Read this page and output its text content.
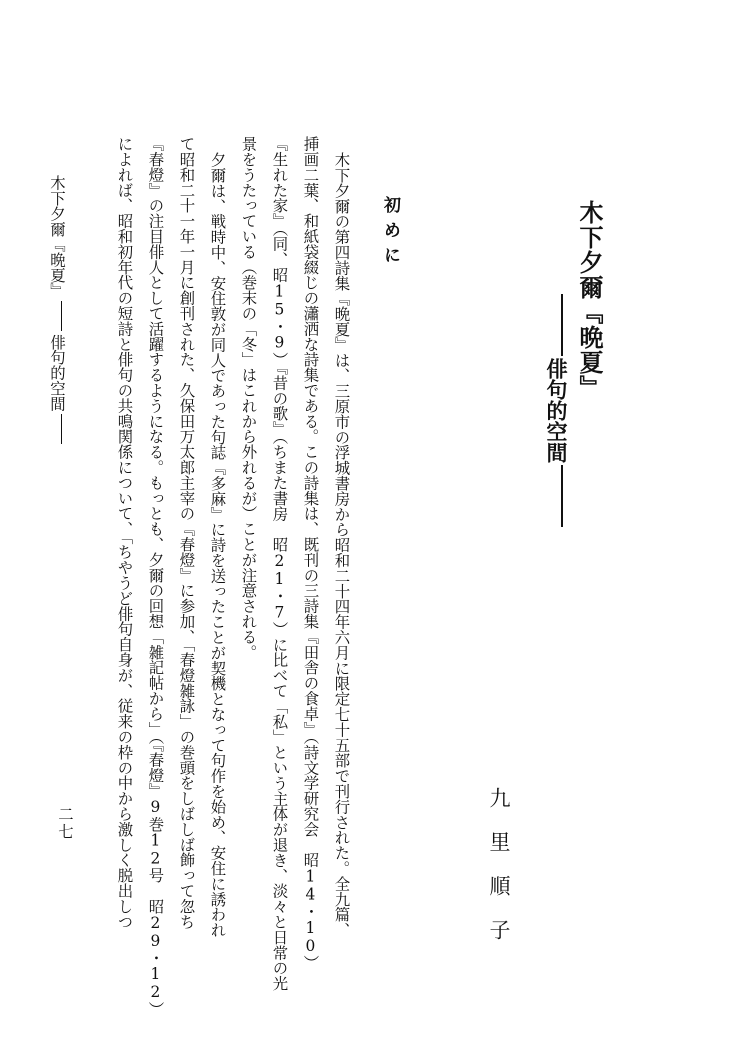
木下夕爾『晩夏』
俳句的空間
九里順子
初めに
木下夕爾の第四詩集『晩夏』は、三原市の浮城書房から昭和二十四年六月に限定七十五部で刊行された。全九篇、
挿画二葉、和紙袋綴じの瀟洒な詩集である。この詩集は、既刊の三詩集『田舎の食卓』（詩文学研究会　昭14・10）
『生れた家』（同、昭15・9）『昔の歌』（ちまた書房　昭21・7）に比べて「私」という主体が退き、淡々と日常の光
景をうたっている（巻末の「冬」はこれから外れるが）ことが注意される。
夕爾は、戦時中、安住敦が同人であった句誌『多麻』に詩を送ったことが契機となって句作を始め、安住に誘われ
て昭和二十一年一月に創刊された、久保田万太郎主宰の『春燈』に参加、「春燈雑詠」の巻頭をしばしば飾って忽ち
『春燈』の注目俳人として活躍するようになる。もっとも、夕爾の回想「雑記帖から」（『春燈』9巻12号　昭29・12）
によれば、昭和初年代の短詩と俳句の共鳴関係について、「ちやうど俳句自身が、従来の枠の中から激しく脱出しつ
木下夕爾『晩夏』俳句的空間
二七
